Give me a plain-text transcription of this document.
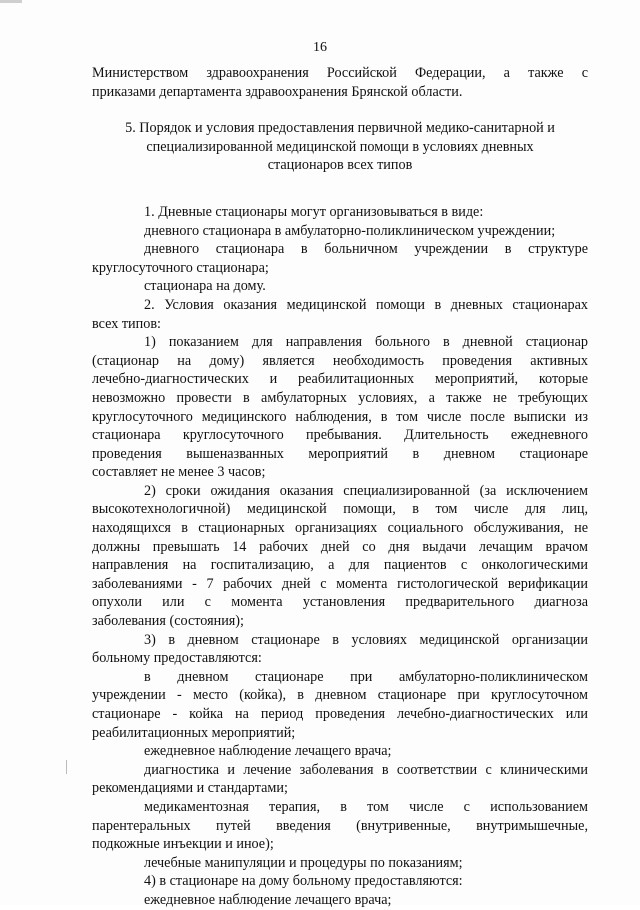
16
Министерством здравоохранения Российской Федерации, а также с
приказами департамента здравоохранения Брянской области.
5. Порядок и условия предоставления первичной медико-санитарной и
специализированной медицинской помощи в условиях дневных
стационаров всех типов
1. Дневные стационары могут организовываться в виде:
дневного стационара в амбулаторно-поликлиническом учреждении;
дневного стационара в больничном учреждении в структуре
круглосуточного стационара;
стационара на дому.
2. Условия оказания медицинской помощи в дневных стационарах
всех типов:
1) показанием для направления больного в дневной стационар
(стационар на дому) является необходимость проведения активных
лечебно-диагностических и реабилитационных мероприятий, которые
невозможно провести в амбулаторных условиях, а также не требующих
круглосуточного медицинского наблюдения, в том числе после выписки из
стационара круглосуточного пребывания. Длительность ежедневного
проведения вышеназванных мероприятий в дневном стационаре
составляет не менее 3 часов;
2) сроки ожидания оказания специализированной (за исключением
высокотехнологичной) медицинской помощи, в том числе для лиц,
находящихся в стационарных организациях социального обслуживания, не
должны превышать 14 рабочих дней со дня выдачи лечащим врачом
направления на госпитализацию, а для пациентов с онкологическими
заболеваниями - 7 рабочих дней с момента гистологической верификации
опухоли или с момента установления предварительного диагноза
заболевания (состояния);
3) в дневном стационаре в условиях медицинской организации
больному предоставляются:
в дневном стационаре при амбулаторно-поликлиническом
учреждении - место (койка), в дневном стационаре при круглосуточном
стационаре - койка на период проведения лечебно-диагностических или
реабилитационных мероприятий;
ежедневное наблюдение лечащего врача;
диагностика и лечение заболевания в соответствии с клиническими
рекомендациями и стандартами;
медикаментозная терапия, в том числе с использованием
парентеральных путей введения (внутривенные, внутримышечные,
подкожные инъекции и иное);
лечебные манипуляции и процедуры по показаниям;
4) в стационаре на дому больному предоставляются:
ежедневное наблюдение лечащего врача;
